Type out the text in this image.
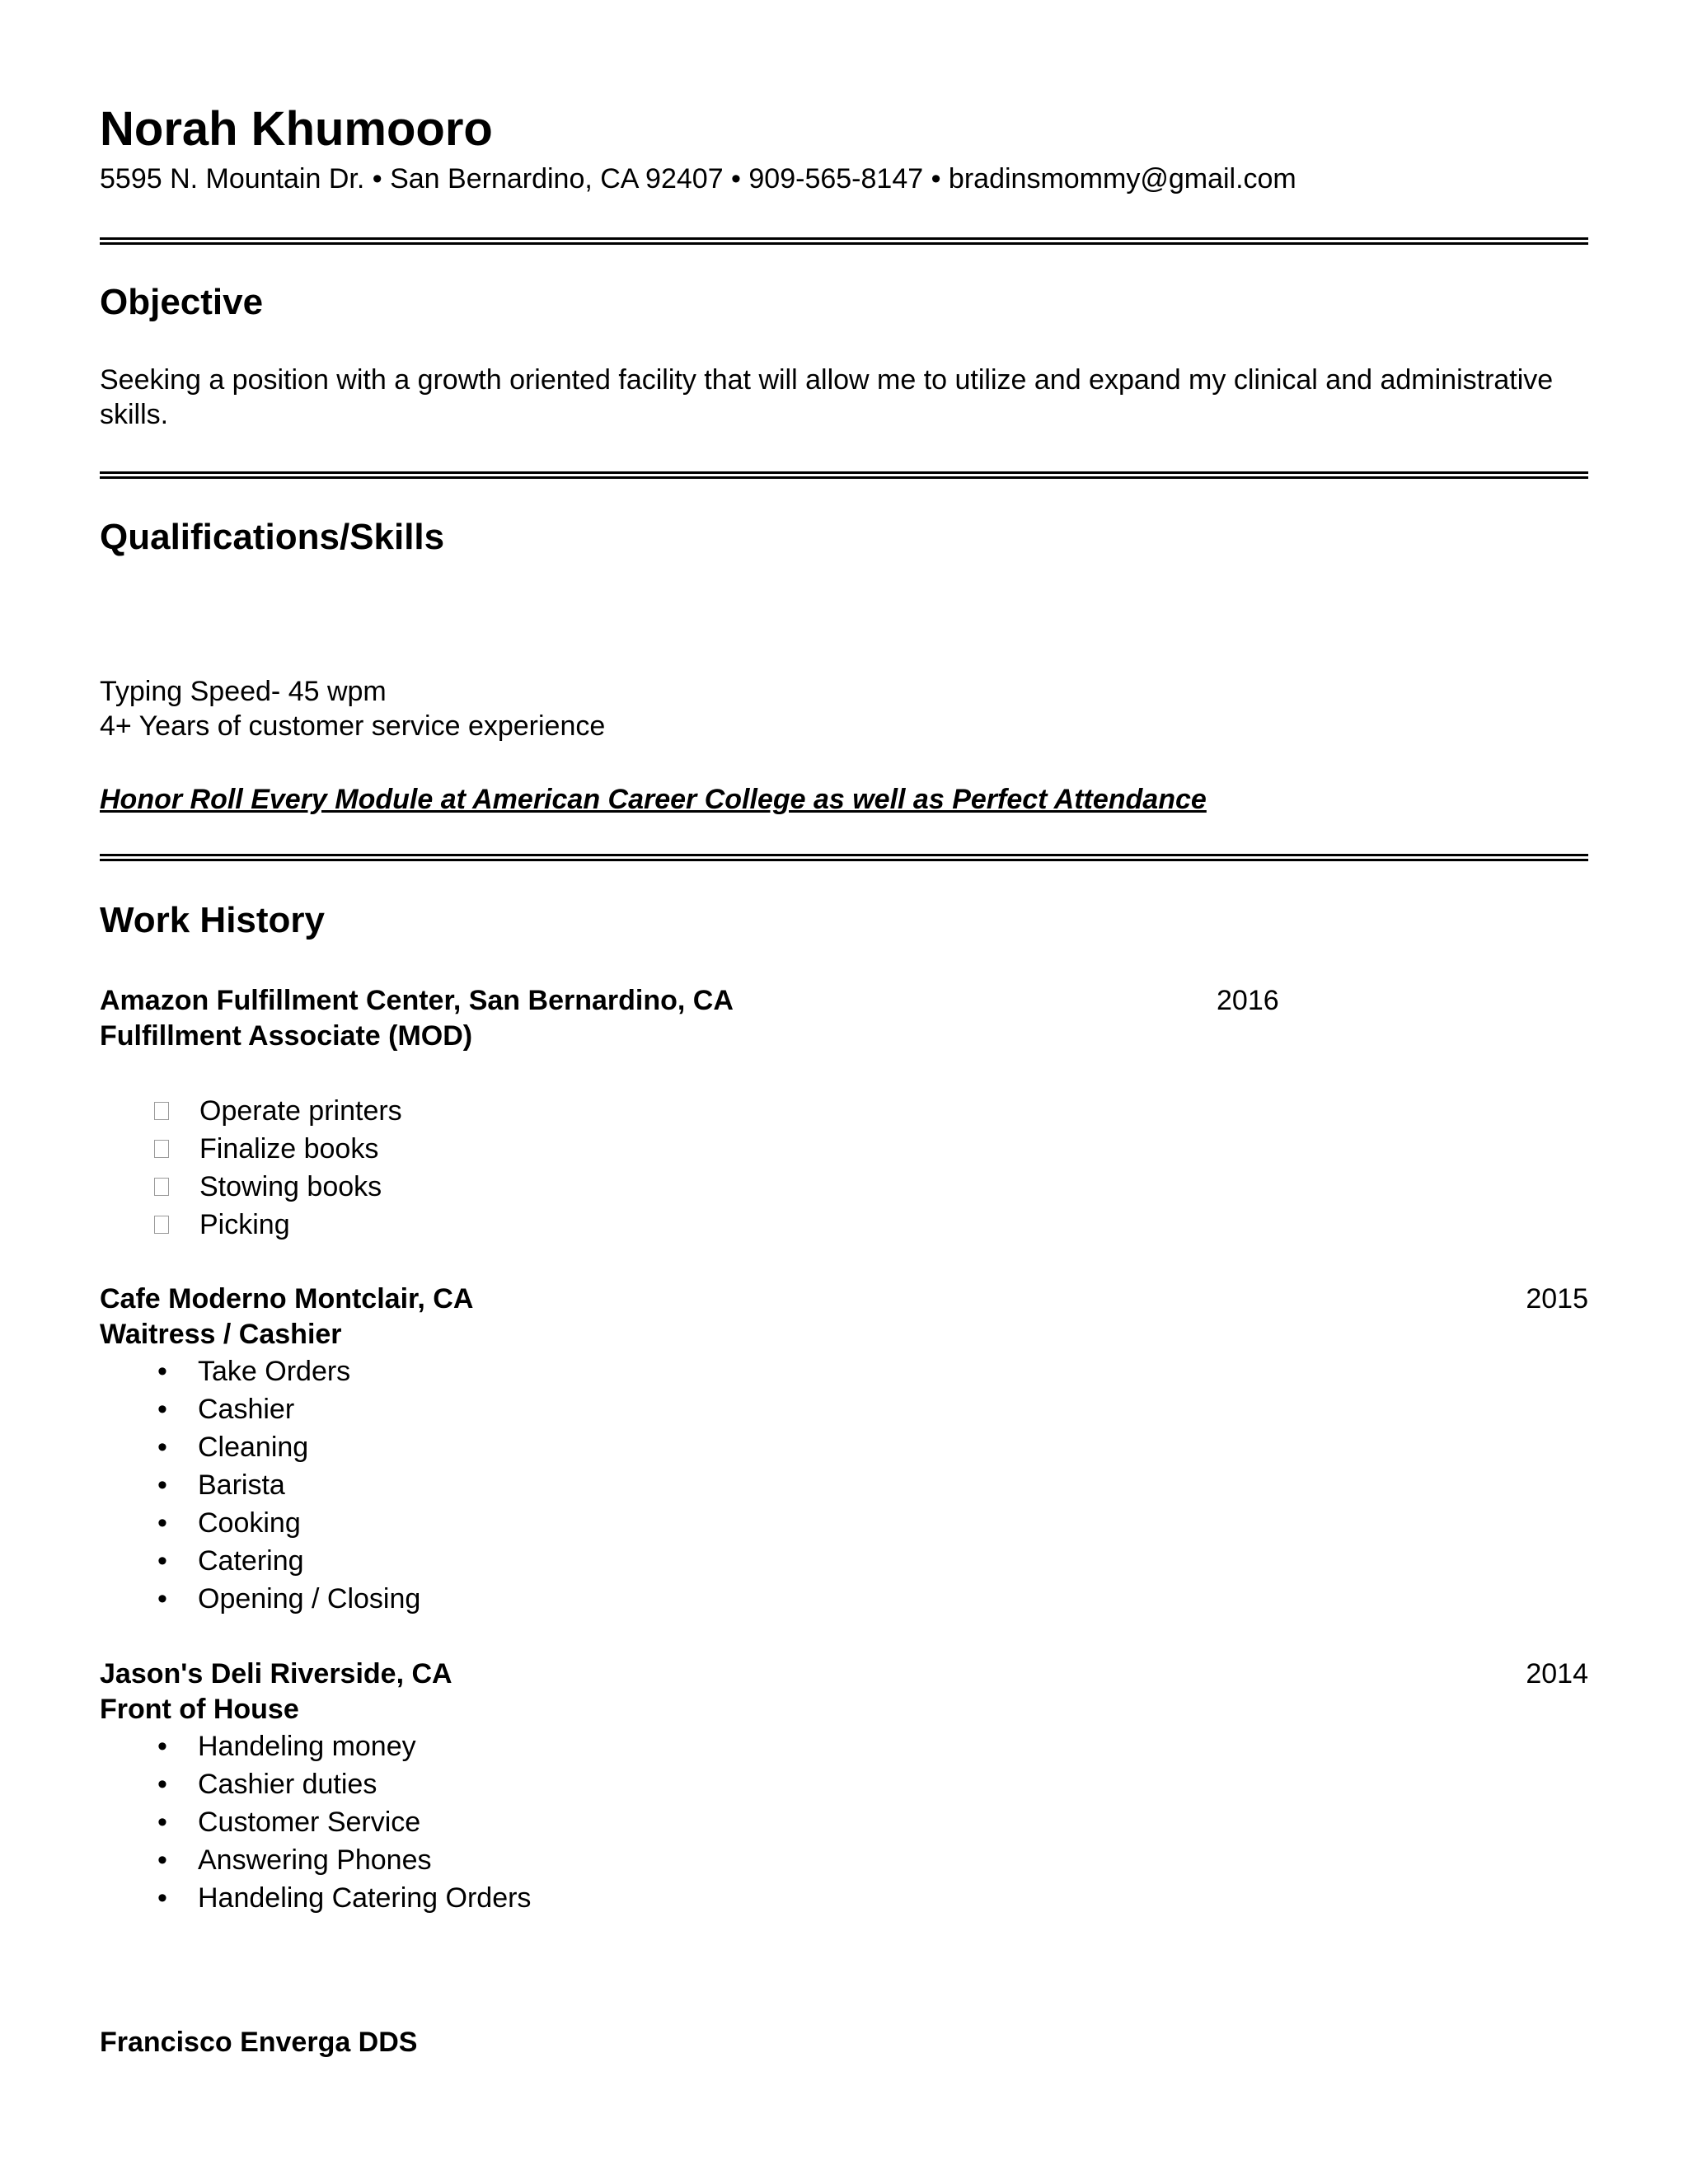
Norah Khumooro
5595 N. Mountain Dr. • San Bernardino, CA 92407 • 909-565-8147 • bradinsmommy@gmail.com
Objective
Seeking a position with a growth oriented facility that will allow me to utilize and expand my clinical and administrative skills.
Qualifications/Skills
Typing Speed- 45 wpm
4+ Years of customer service experience
Honor Roll Every Module at American Career College as well as Perfect Attendance
Work History
Amazon Fulfillment Center, San Bernardino, CA	2016
Fulfillment Associate (MOD)
Operate printers
Finalize books
Stowing books
Picking
Cafe Moderno Montclair, CA	2015
Waitress / Cashier
• Take Orders
• Cashier
• Cleaning
• Barista
• Cooking
• Catering
• Opening / Closing
Jason's Deli Riverside, CA	2014
Front of House
• Handeling money
• Cashier duties
• Customer Service
• Answering Phones
• Handeling Catering Orders
Francisco Enverga DDS
